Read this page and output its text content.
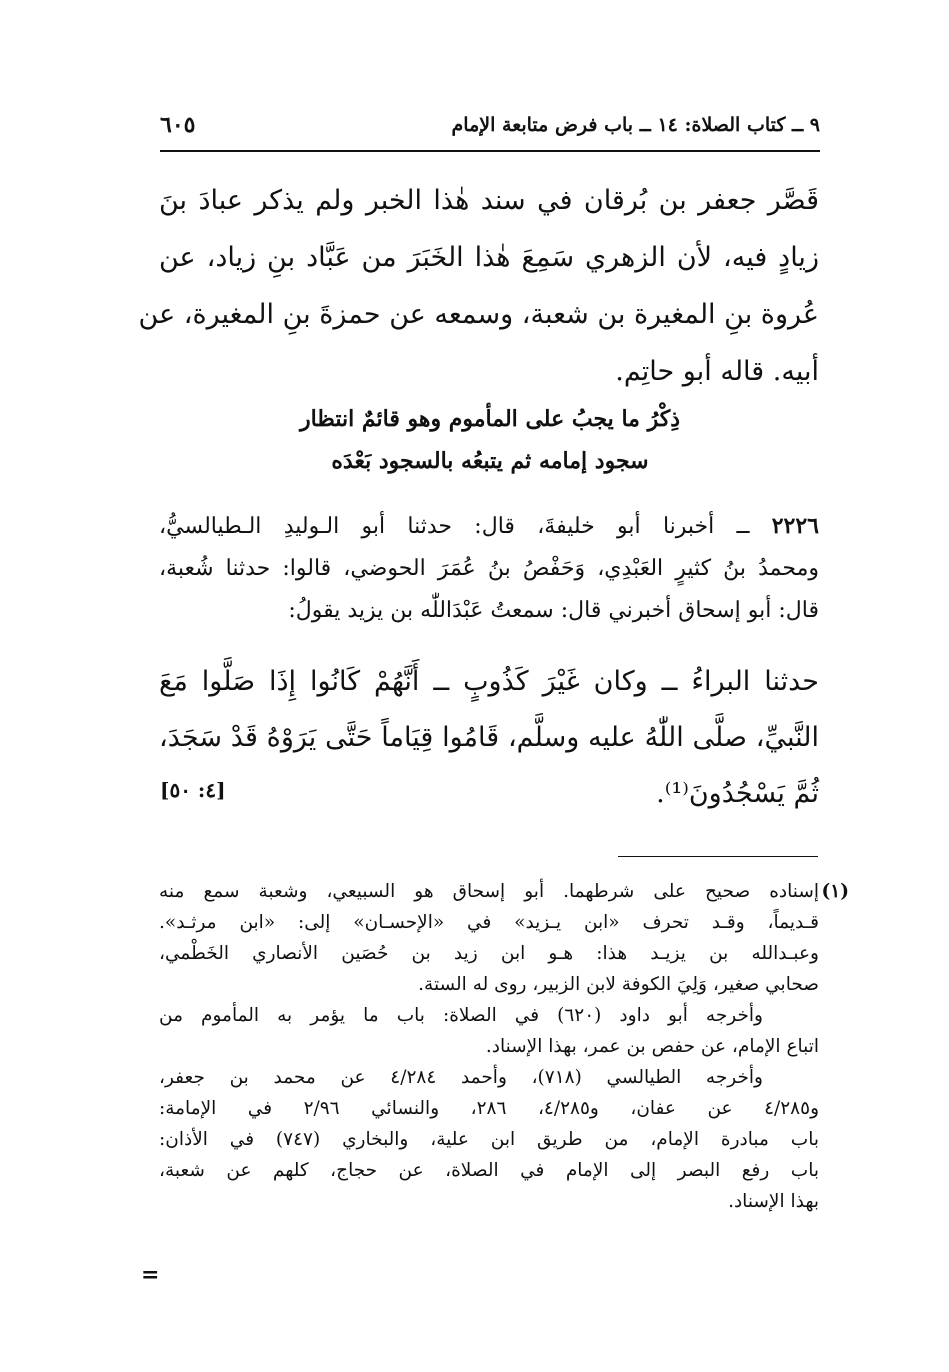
٩ ــ كتاب الصلاة: ١٤ ــ باب فرض متابعة الإمام
٦٠٥
قَصَّر جعفر بن بُرقان في سند هٰذا الخبر ولم يذكر عبادَ بنَ
زيادٍ فيه، لأن الزهري سَمِعَ هٰذا الخَبَرَ من عَبَّاد بنِ زياد، عن
عُروة بنِ المغيرة بن شعبة، وسمعه عن حمزةَ بنِ المغيرة، عن
أبيه. قاله أبو حاتِم.
ذِكْرُ ما يجبُ على المأموم وهو قائمٌ انتظار
سجود إمامه ثم يتبعُه بالسجود بَعْدَه
٢٢٢٦ ــ أخبرنا أبو خليفةَ، قال: حدثنا أبو الـوليدِ الـطيالسيُّ،
ومحمدُ بنُ كثيرٍ العَبْدِي، وَحَفْصُ بنُ عُمَرَ الحوضي، قالوا: حدثنا شُعبة،
قال: أبو إسحاق أخبرني قال: سمعتُ عَبْدَاللّٰه بن يزيد يقولُ:
حدثنا البراءُ ــ وكان غَيْرَ كَذُوبٍ ــ أَنَّهُمْ كَانُوا إِذَا صَلَّوا مَعَ
النَّبيِّ، صلَّى اللّٰهُ عليه وسلَّم، قَامُوا قِيَاماً حَتَّى يَرَوْهُ قَدْ سَجَدَ،
ثُمَّ يَسْجُدُونَ⁽¹⁾.
[٤: ٥٠]
(١)
إسناده صحيح على شرطهما. أبو إسحاق هو السبيعي، وشعبة سمع منه
قـديماً، وقـد تحرف «ابن يـزيد» في «الإحسـان» إلى: «ابن مرثـد».
وعبـدالله بن يزيـد هذا: هـو ابن زيد بن حُصَين الأنصاري الخَطْمي،
صحابي صغير، وَلِيَ الكوفة لابن الزبير، روى له الستة.
وأخرجه أبو داود (٦٢٠) في الصلاة: باب ما يؤمر به المأموم من
اتباع الإمام، عن حفص بن عمر، بهذا الإسناد.
وأخرجه الطيالسي (٧١٨)، وأحمد ٤/٢٨٤ عن محمد بن جعفر،
و٤/٢٨٥ عن عفان، و٤/٢٨٥، ٢٨٦، والنسائي ٢/٩٦ في الإمامة:
باب مبادرة الإمام، من طريق ابن علية، والبخاري (٧٤٧) في الأذان:
باب رفع البصر إلى الإمام في الصلاة، عن حجاج، كلهم عن شعبة،
بهذا الإسناد.
=
